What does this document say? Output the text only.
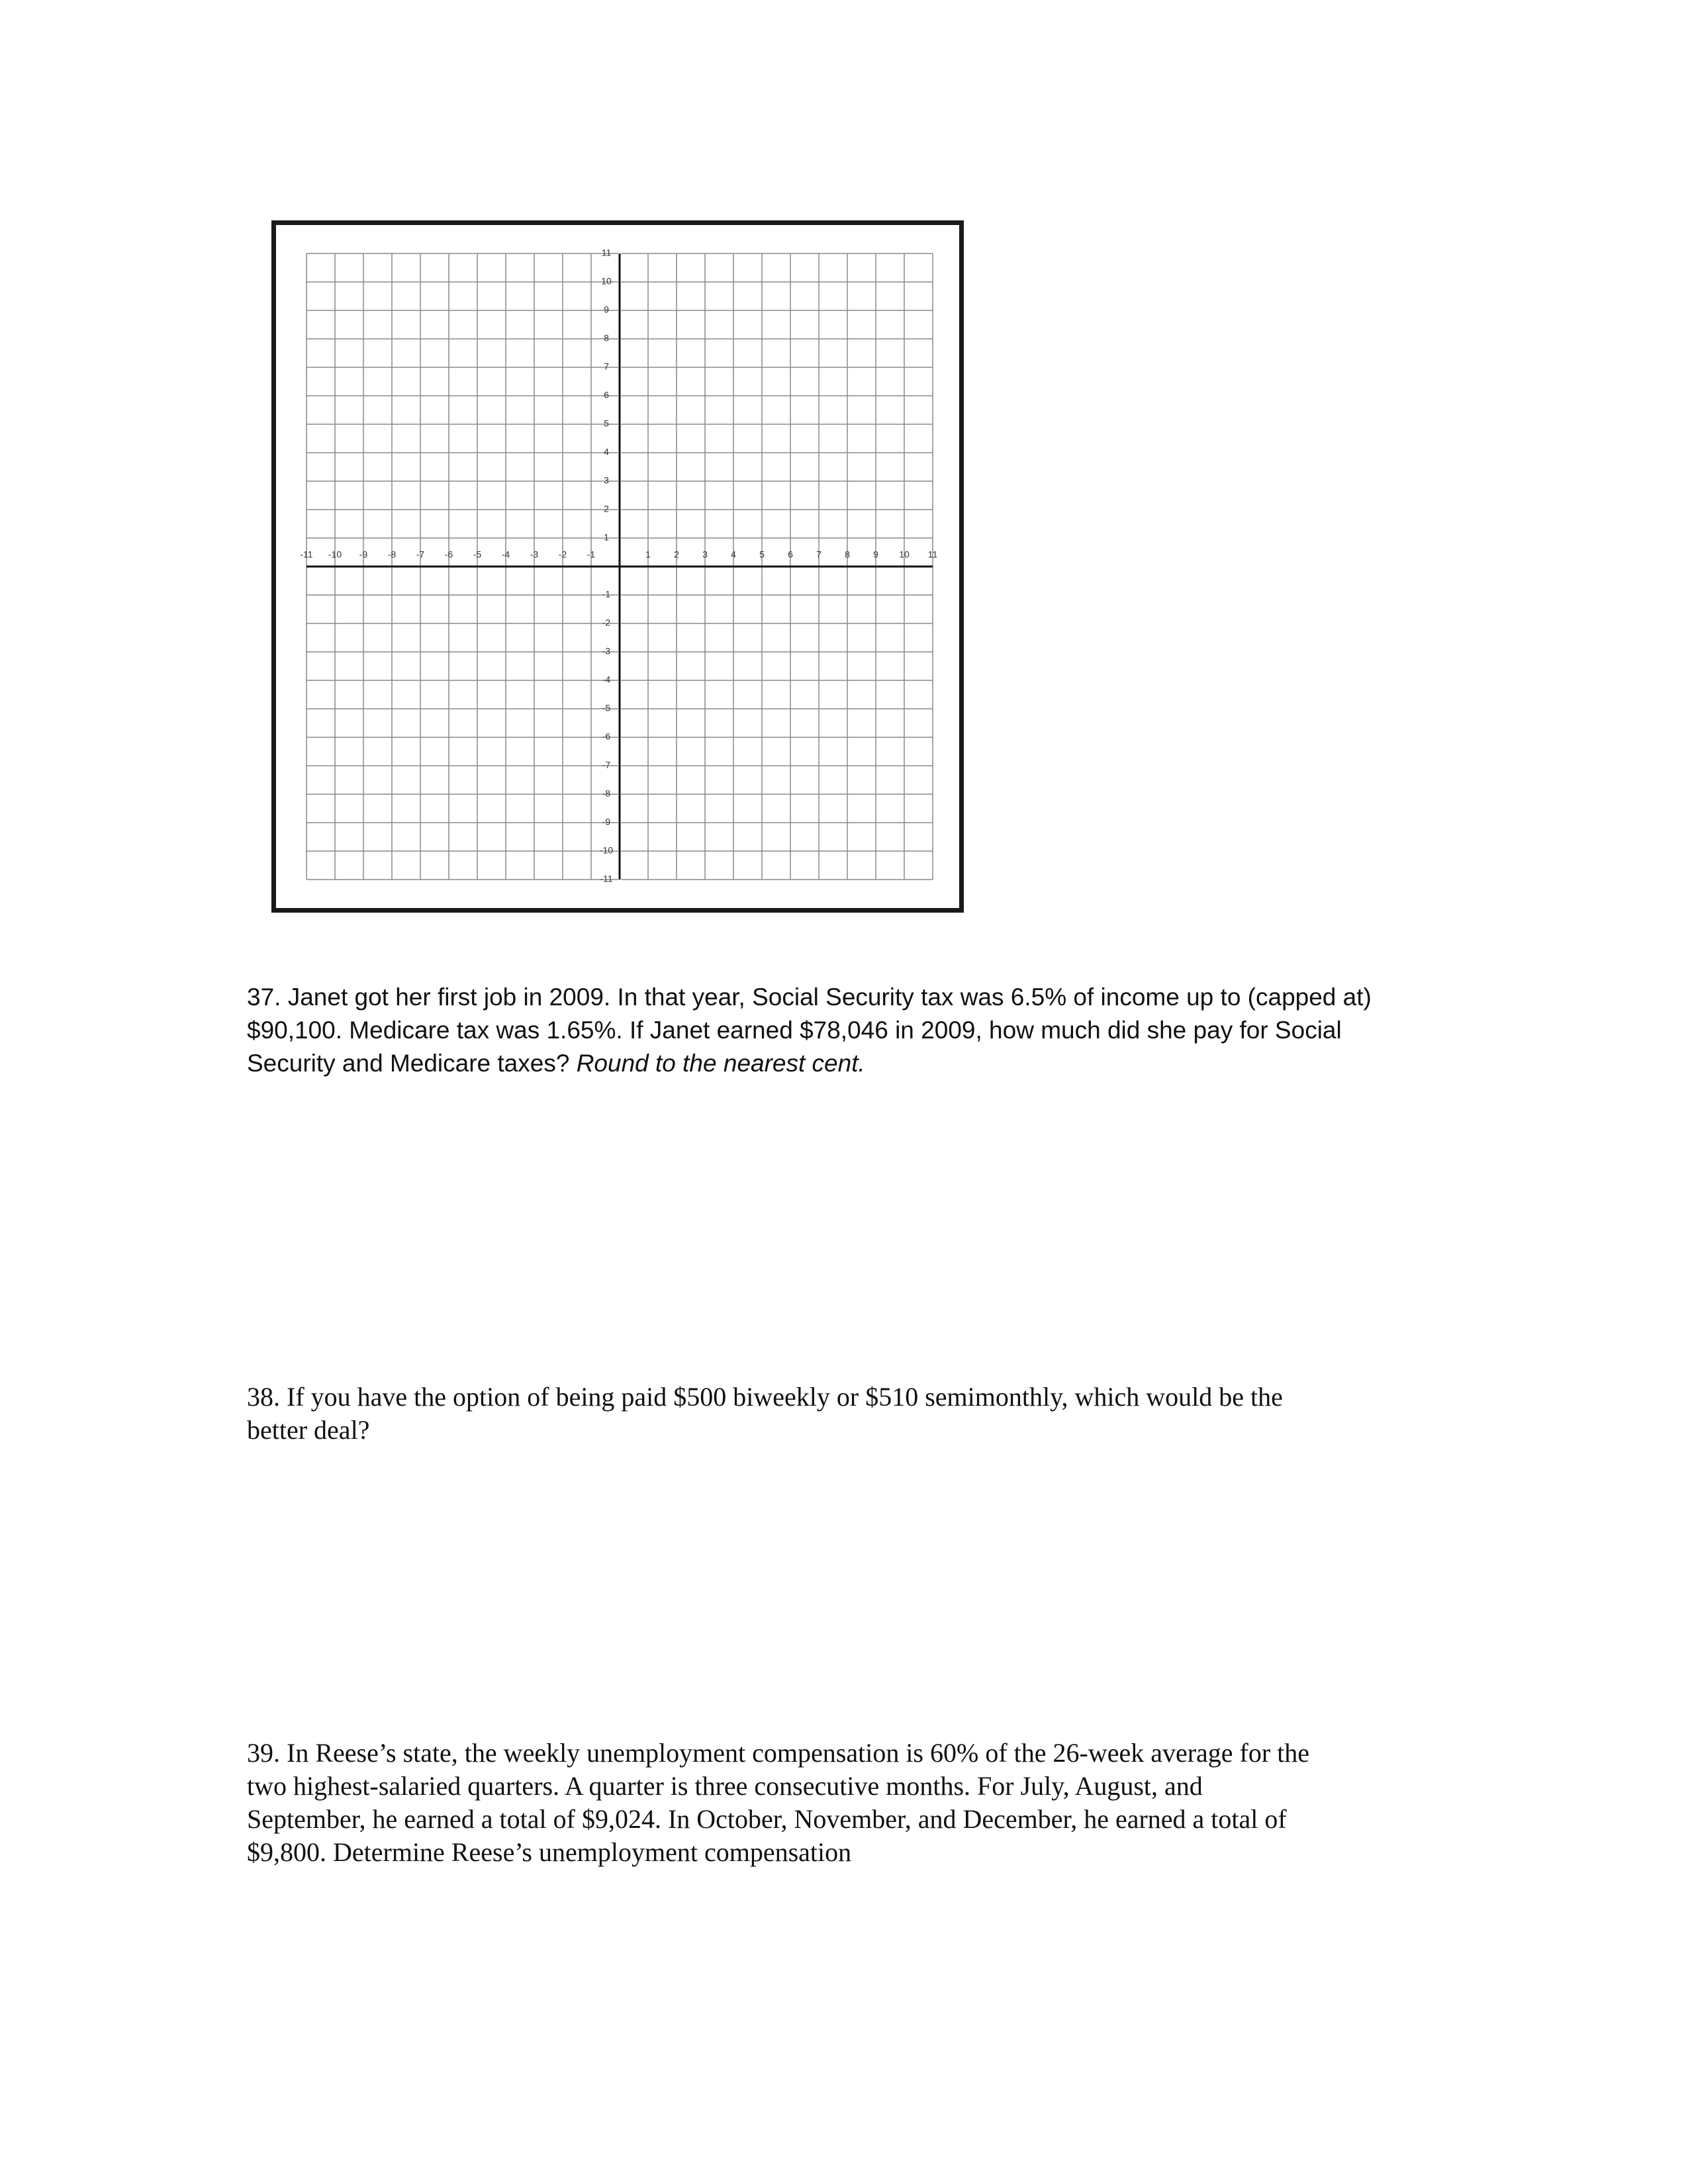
-11 -10 -9 -8 -7 -6 -5 -4 -3 -2 -1	1	2	3	4	5	6	7	8	9 10 11
11
10
9
8
7
6
5
4
3
2
1
-1
-2
-3
-4
-5
-6
-7
-8
-9
-10
-11
37. Janet got her first job in 2009. In that year, Social Security tax was 6.5% of income up to (capped at)
$90,100. Medicare tax was 1.65%. If Janet earned $78,046 in 2009, how much did she pay for Social
Security and Medicare taxes? Round to the nearest cent.
38. If you have the option of being paid $500 biweekly or $510 semimonthly, which would be the
better deal?
39. In Reese’s state, the weekly unemployment compensation is 60% of the 26-week average for the
two highest-salaried quarters. A quarter is three consecutive months. For July, August, and
September, he earned a total of $9,024. In October, November, and December, he earned a total of
$9,800. Determine Reese’s unemployment compensation
